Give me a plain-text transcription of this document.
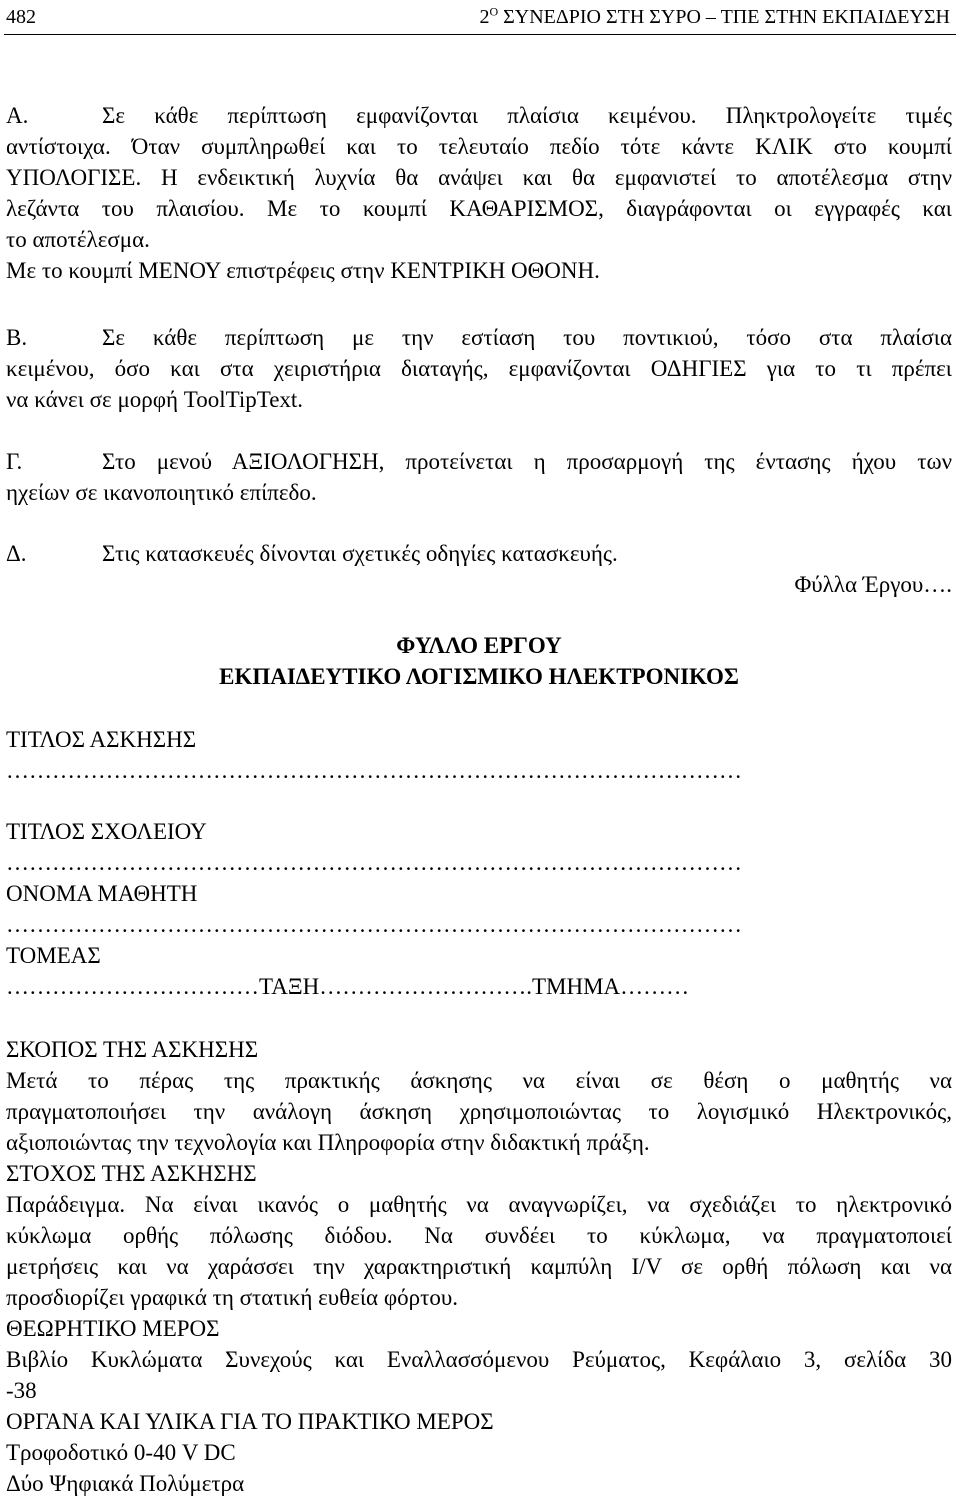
482	$2^O$ ΣΥΝΕΔΡΙΟ ΣΤΗ ΣΥΡΟ – ΤΠΕ ΣΤΗΝ ΕΚΠΑΙΔΕΥΣΗ
Α.	Σε κάθε περίπτωση εμφανίζονται πλαίσια κειμένου. Πληκτρολογείτε τιμές
αντίστοιχα. Όταν συμπληρωθεί και το τελευταίο πεδίο τότε κάντε ΚΛΙΚ στο κουμπί
ΥΠΟΛΟΓΙΣΕ. Η ενδεικτική λυχνία θα ανάψει και θα εμφανιστεί το αποτέλεσμα στην
λεζάντα του πλαισίου. Με το κουμπί ΚΑΘΑΡΙΣΜΟΣ, διαγράφονται οι εγγραφές και
το αποτέλεσμα.
Με το κουμπί ΜΕΝΟΥ επιστρέφεις στην ΚΕΝΤΡΙΚΗ ΟΘΟΝΗ.
Β.	Σε κάθε περίπτωση με την εστίαση του ποντικιού, τόσο στα πλαίσια
κειμένου, όσο και στα χειριστήρια διαταγής, εμφανίζονται ΟΔΗΓΙΕΣ για το τι πρέπει
να κάνει σε μορφή ToolTipText.
Γ.	Στο μενού ΑΞΙΟΛΟΓΗΣΗ, προτείνεται η προσαρμογή της έντασης ήχου των
ηχείων σε ικανοποιητικό επίπεδο.
Δ.	Στις κατασκευές δίνονται σχετικές οδηγίες κατασκευής.
Φύλλα Έργου….
ΦΥΛΛΟ ΕΡΓΟΥ
ΕΚΠΑΙΔΕΥΤΙΚΟ ΛΟΓΙΣΜΙΚΟ ΗΛΕΚΤΡΟΝΙΚΟΣ
ΤΙΤΛΟΣ ΑΣΚΗΣΗΣ
……………………………………………………………………………………
ΤΙΤΛΟΣ ΣΧΟΛΕΙΟΥ
……………………………………………………………………………………
ΟΝΟΜΑ ΜΑΘΗΤΗ
……………………………………………………………………………………
ΤΟΜΕΑΣ
……………………………ΤΑΞΗ……………………….ΤΜΗΜΑ………
ΣΚΟΠΟΣ ΤΗΣ ΑΣΚΗΣΗΣ
Μετά το πέρας της πρακτικής άσκησης να είναι σε θέση ο μαθητής να
πραγματοποιήσει την ανάλογη άσκηση χρησιμοποιώντας το λογισμικό Ηλεκτρονικός,
αξιοποιώντας την τεχνολογία και Πληροφορία στην διδακτική πράξη.
ΣΤΟΧΟΣ ΤΗΣ ΑΣΚΗΣΗΣ
Παράδειγμα. Να είναι ικανός ο μαθητής να αναγνωρίζει, να σχεδιάζει το ηλεκτρονικό
κύκλωμα ορθής πόλωσης διόδου. Να συνδέει το κύκλωμα, να πραγματοποιεί
μετρήσεις και να χαράσσει την χαρακτηριστική καμπύλη I/V σε ορθή πόλωση και να
προσδιορίζει γραφικά τη στατική ευθεία φόρτου.
ΘΕΩΡΗΤΙΚΟ ΜΕΡΟΣ
Βιβλίο Κυκλώματα Συνεχούς και Εναλλασσόμενου Ρεύματος, Κεφάλαιο 3, σελίδα 30
-38
ΟΡΓΑΝΑ ΚΑΙ ΥΛΙΚΑ ΓΙΑ ΤΟ ΠΡΑΚΤΙΚΟ ΜΕΡΟΣ
Τροφοδοτικό 0-40 V DC
Δύο Ψηφιακά Πολύμετρα
